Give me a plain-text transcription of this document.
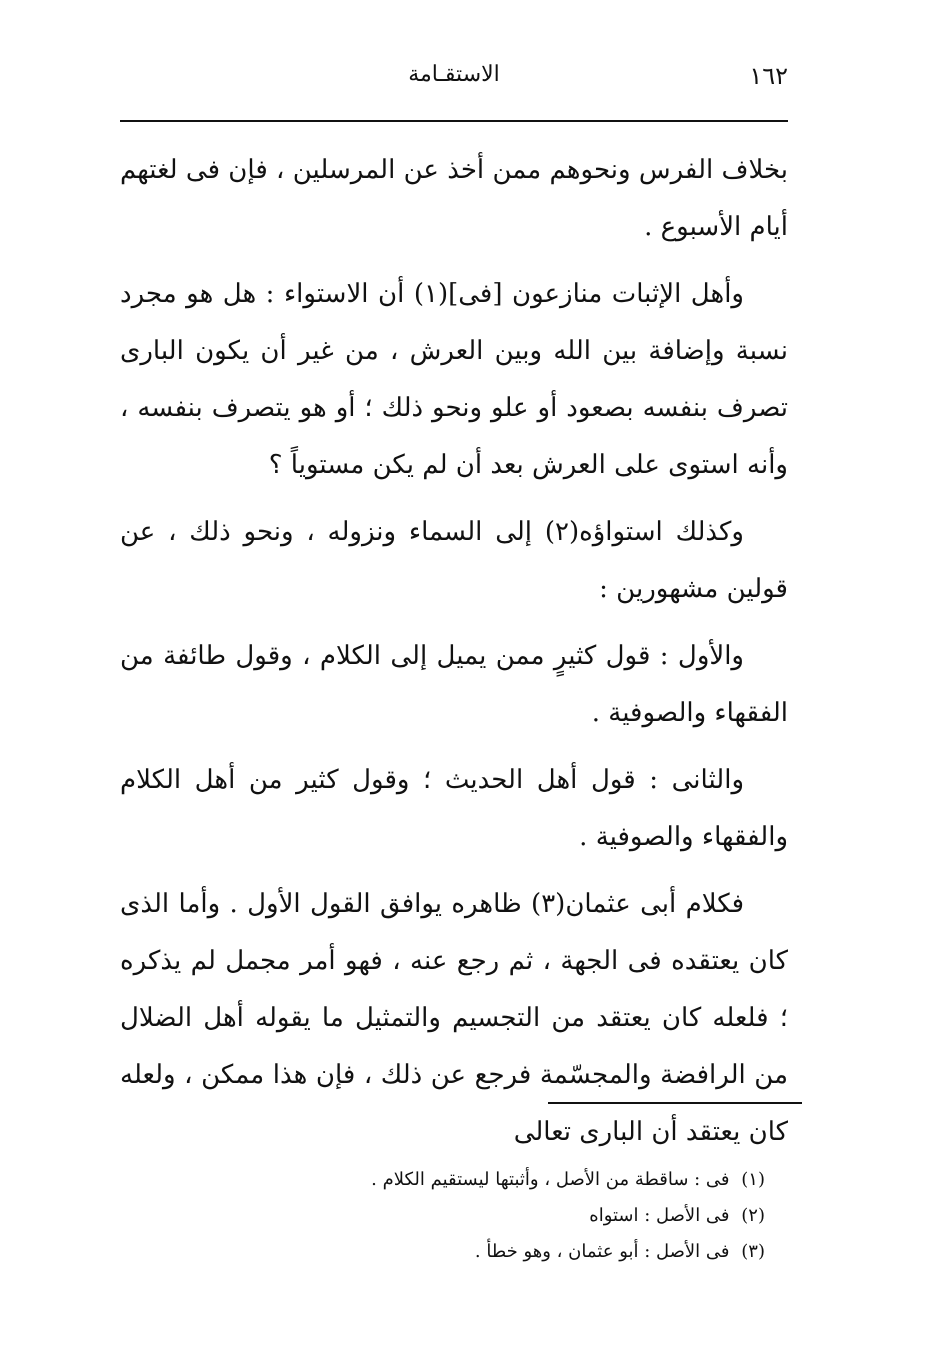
١٦٢
الاستقـامة

بخلاف الفرس ونحوهم ممن أخذ عن المرسلين ، فإن فى لغتهم أيام الأسبوع .

وأهل الإثبات منازعون [فى](١) أن الاستواء : هل هو مجرد نسبة وإضافة بين الله وبين العرش ، من غير أن يكون البارى تصرف بنفسه بصعود أو علو ونحو ذلك ؛ أو هو يتصرف بنفسه ، وأنه استوى على العرش بعد أن لم يكن مستوياً ؟

وكذلك استواؤه(٢) إلى السماء ونزوله ، ونحو ذلك ، عن قولين مشهورين :

والأول : قول كثيرٍ ممن يميل إلى الكلام ، وقول طائفة من الفقهاء والصوفية .

والثانى : قول أهل الحديث ؛ وقول كثير من أهل الكلام والفقهاء والصوفية .

فكلام أبى عثمان(٣) ظاهره يوافق القول الأول . وأما الذى كان يعتقده فى الجهة ، ثم رجع عنه ، فهو أمر مجمل لم يذكره ؛ فلعله كان يعتقد من التجسيم والتمثيل ما يقوله أهل الضلال من الرافضة والمجسّمة فرجع عن ذلك ، فإن هذا ممكن ، ولعله كان يعتقد أن البارى تعالى

(١) فى : ساقطة من الأصل ، وأثبتها ليستقيم الكلام .

(٢) فى الأصل : استواه

(٣) فى الأصل : أبو عثمان ، وهو خطأ .
